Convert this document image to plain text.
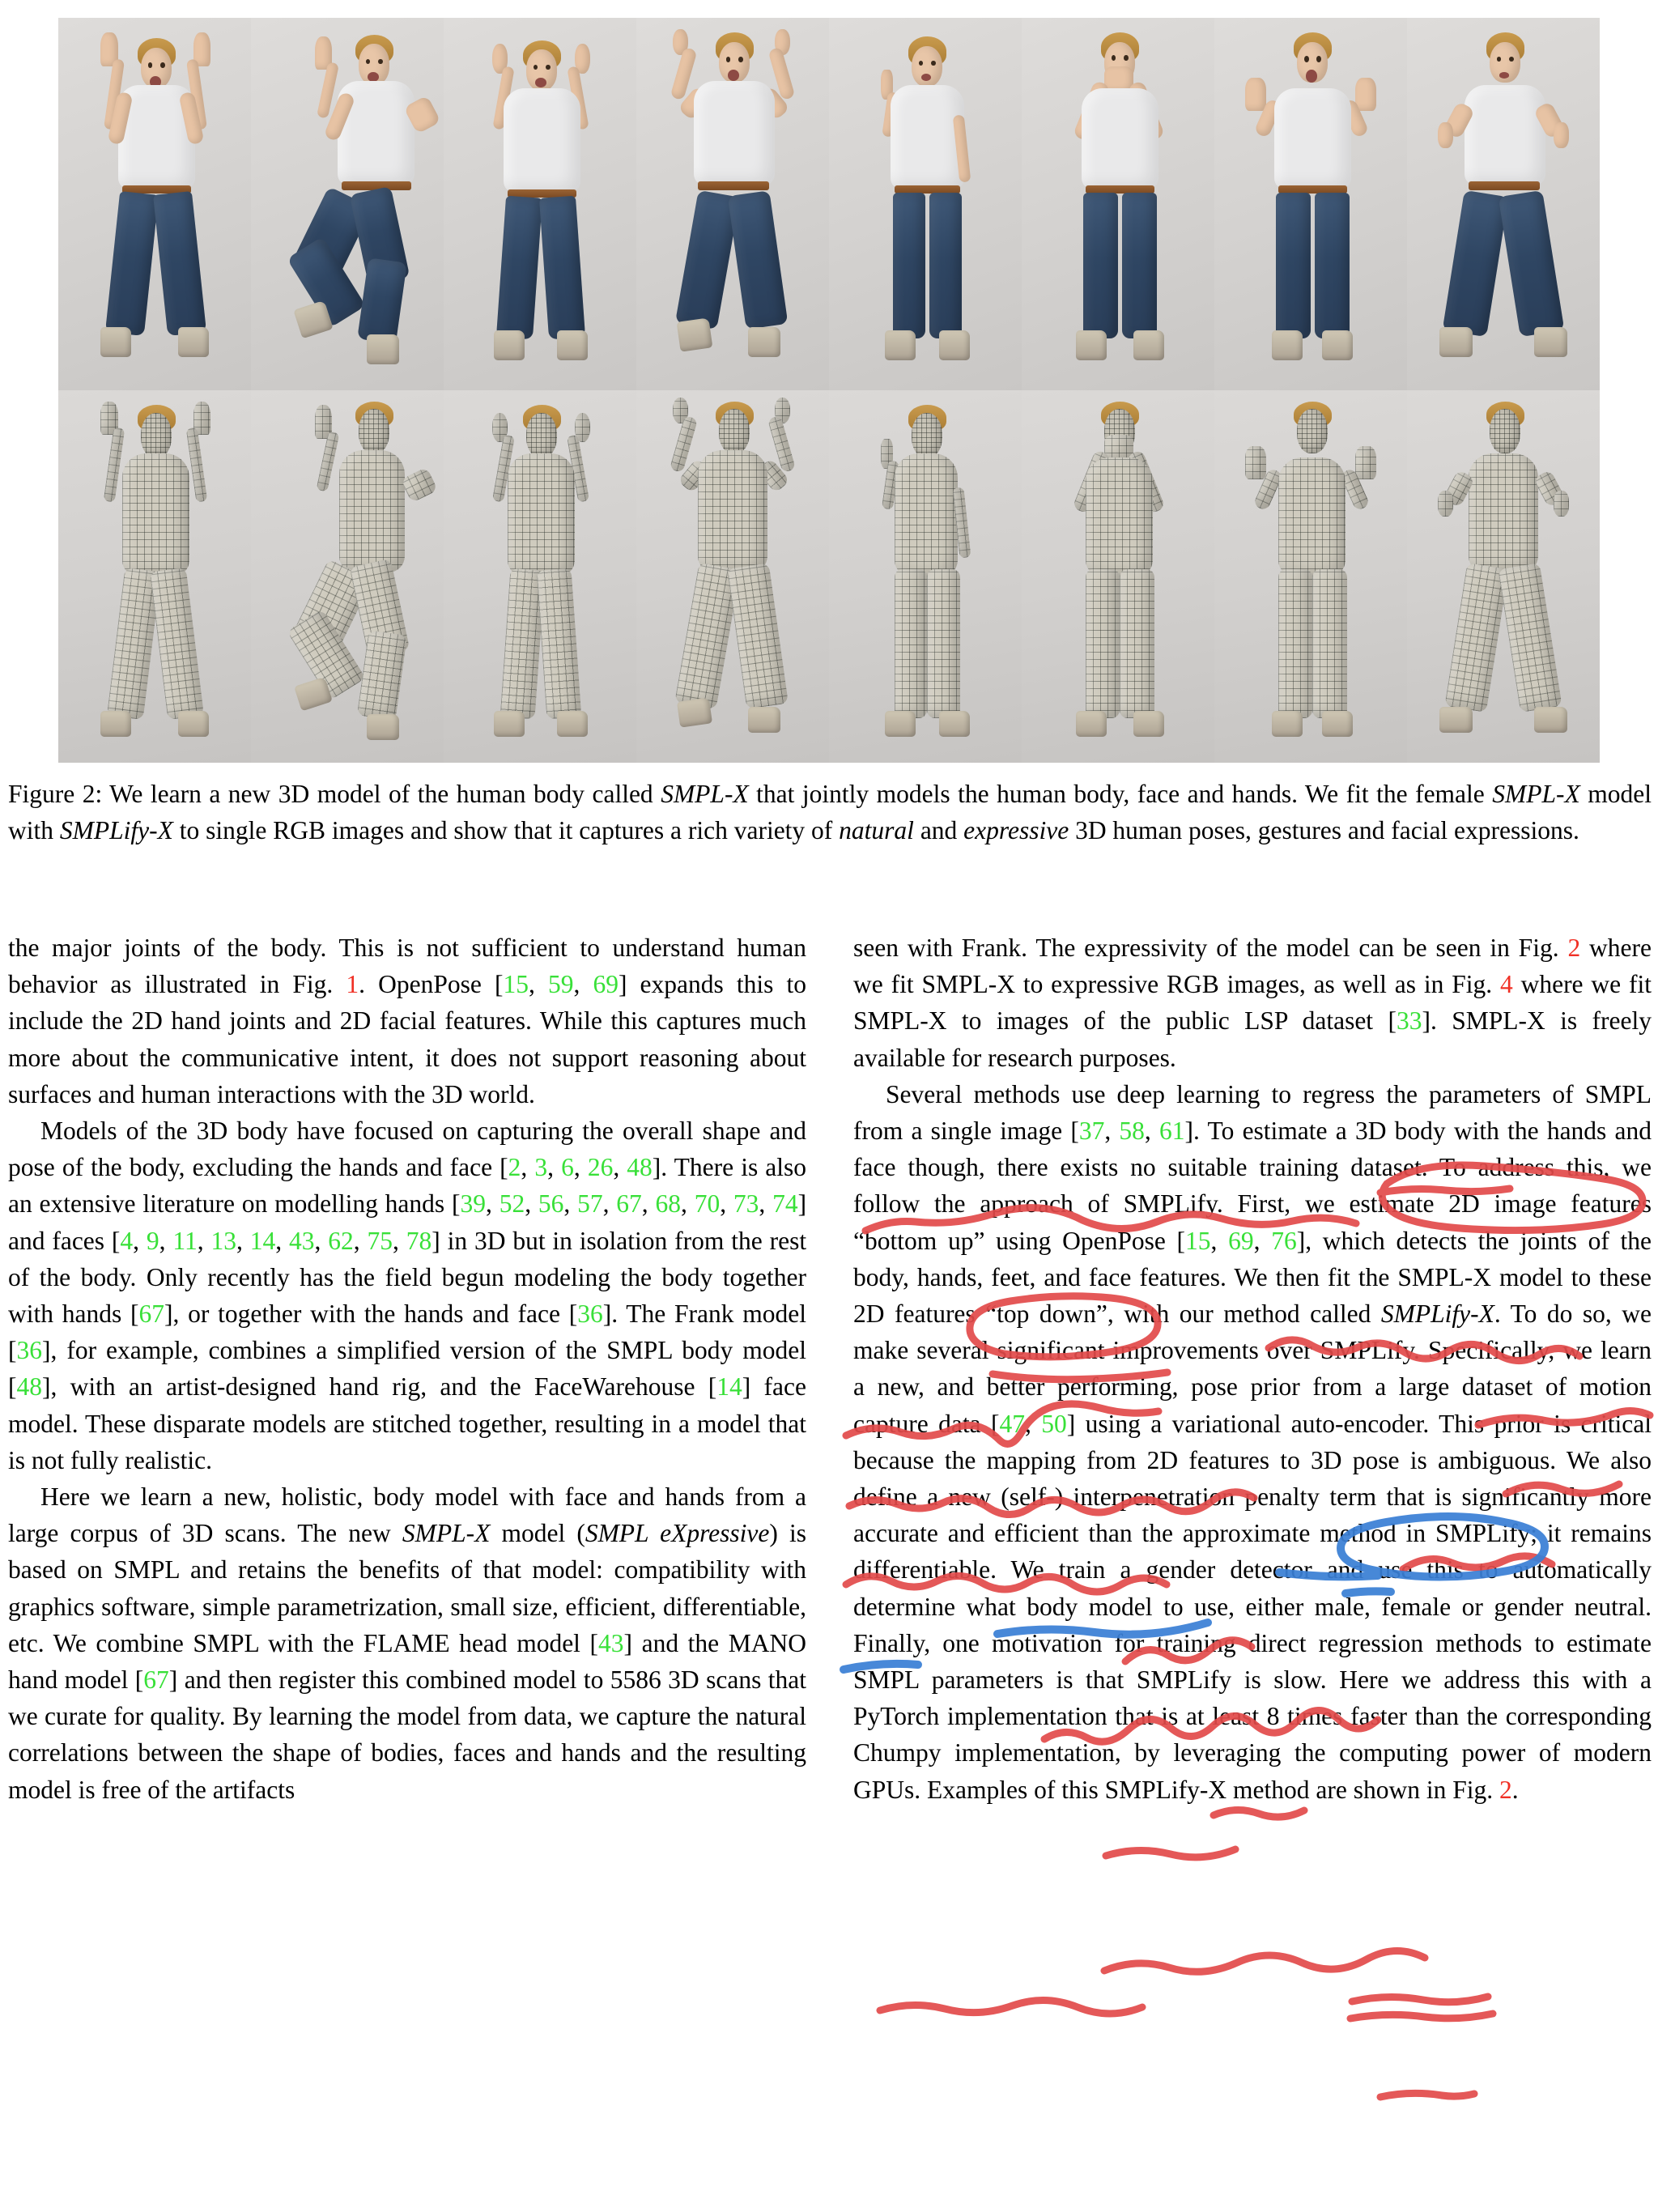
Figure 2: We learn a new 3D model of the human body called SMPL-X that jointly models the human body, face and hands. We fit the female SMPL-X model with SMPLify-X to single RGB images and show that it captures a rich variety of natural and expressive 3D human poses, gestures and facial expressions.

the major joints of the body. This is not sufficient to understand human behavior as illustrated in Fig. 1. OpenPose [15, 59, 69] expands this to include the 2D hand joints and 2D facial features. While this captures much more about the communicative intent, it does not support reasoning about surfaces and human interactions with the 3D world.

Models of the 3D body have focused on capturing the overall shape and pose of the body, excluding the hands and face [2, 3, 6, 26, 48]. There is also an extensive literature on modelling hands [39, 52, 56, 57, 67, 68, 70, 73, 74] and faces [4, 9, 11, 13, 14, 43, 62, 75, 78] in 3D but in isolation from the rest of the body. Only recently has the field begun modeling the body together with hands [67], or together with the hands and face [36]. The Frank model [36], for example, combines a simplified version of the SMPL body model [48], with an artist-designed hand rig, and the FaceWarehouse [14] face model. These disparate models are stitched together, resulting in a model that is not fully realistic.

Here we learn a new, holistic, body model with face and hands from a large corpus of 3D scans. The new SMPL-X model (SMPL eXpressive) is based on SMPL and retains the benefits of that model: compatibility with graphics software, simple parametrization, small size, efficient, differentiable, etc. We combine SMPL with the FLAME head model [43] and the MANO hand model [67] and then register this combined model to 5586 3D scans that we curate for quality. By learning the model from data, we capture the natural correlations between the shape of bodies, faces and hands and the resulting model is free of the artifacts

seen with Frank. The expressivity of the model can be seen in Fig. 2 where we fit SMPL-X to expressive RGB images, as well as in Fig. 4 where we fit SMPL-X to images of the public LSP dataset [33]. SMPL-X is freely available for research purposes.

Several methods use deep learning to regress the parameters of SMPL from a single image [37, 58, 61]. To estimate a 3D body with the hands and face though, there exists no suitable training dataset. To address this, we follow the approach of SMPLify. First, we estimate 2D image features “bottom up” using OpenPose [15, 69, 76], which detects the joints of the body, hands, feet, and face features. We then fit the SMPL-X model to these 2D features “top down”, with our method called SMPLify-X. To do so, we make several significant improvements over SMPLify. Specifically, we learn a new, and better performing, pose prior from a large dataset of motion capture data [47, 50] using a variational auto-encoder. This prior is critical because the mapping from 2D features to 3D pose is ambiguous. We also define a new (self-) interpenetration penalty term that is significantly more accurate and efficient than the approximate method in SMPLify; it remains differentiable. We train a gender detector and use this to automatically determine what body model to use, either male, female or gender neutral. Finally, one motivation for training direct regression methods to estimate SMPL parameters is that SMPLify is slow. Here we address this with a PyTorch implementation that is at least 8 times faster than the corresponding Chumpy implementation, by leveraging the computing power of modern GPUs. Examples of this SMPLify-X method are shown in Fig. 2.
